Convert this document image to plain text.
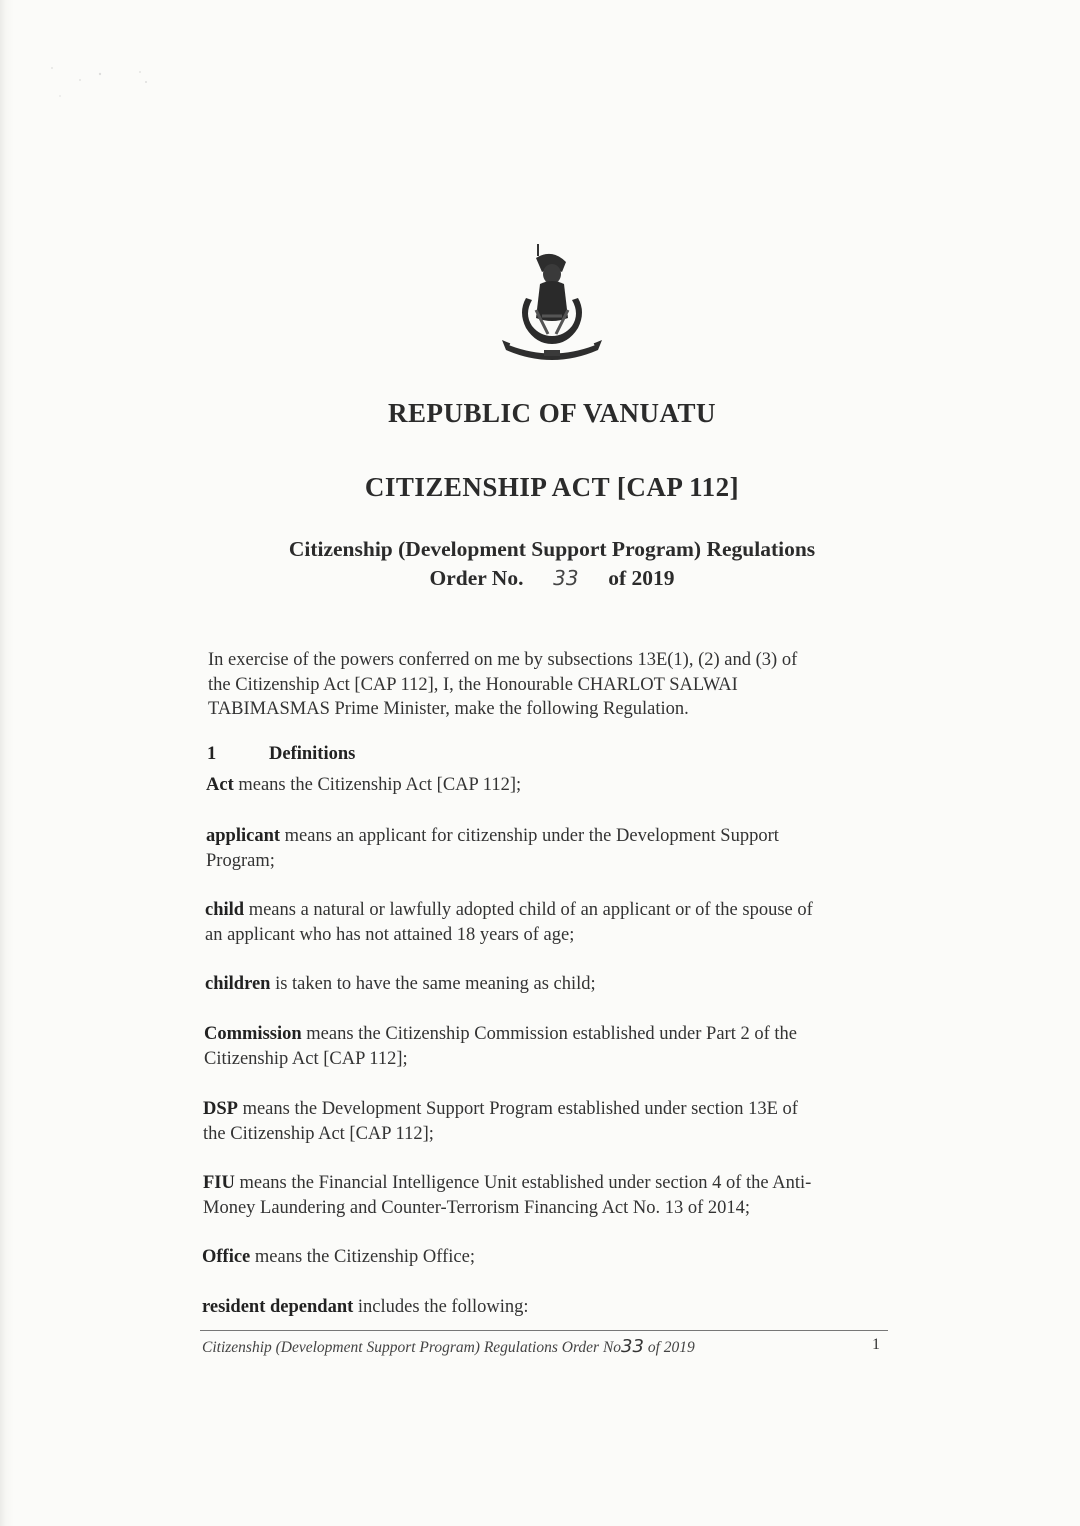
REPUBLIC OF VANUATU
CITIZENSHIP ACT [CAP 112]
Citizenship (Development Support Program) Regulations
Order No. 33 of 2019
In exercise of the powers conferred on me by subsections 13E(1), (2) and (3) of
the Citizenship Act [CAP 112], I, the Honourable CHARLOT SALWAI
TABIMASMAS Prime Minister, make the following Regulation.
1	Definitions
Act means the Citizenship Act [CAP 112];
applicant means an applicant for citizenship under the Development Support
Program;
child means a natural or lawfully adopted child of an applicant or of the spouse of
an applicant who has not attained 18 years of age;
children is taken to have the same meaning as child;
Commission means the Citizenship Commission established under Part 2 of the
Citizenship Act [CAP 112];
DSP means the Development Support Program established under section 13E of
the Citizenship Act [CAP 112];
FIU means the Financial Intelligence Unit established under section 4 of the Anti-
Money Laundering and Counter-Terrorism Financing Act No. 13 of 2014;
Office means the Citizenship Office;
resident dependant includes the following:
Citizenship (Development Support Program) Regulations Order No33 of 2019	1
